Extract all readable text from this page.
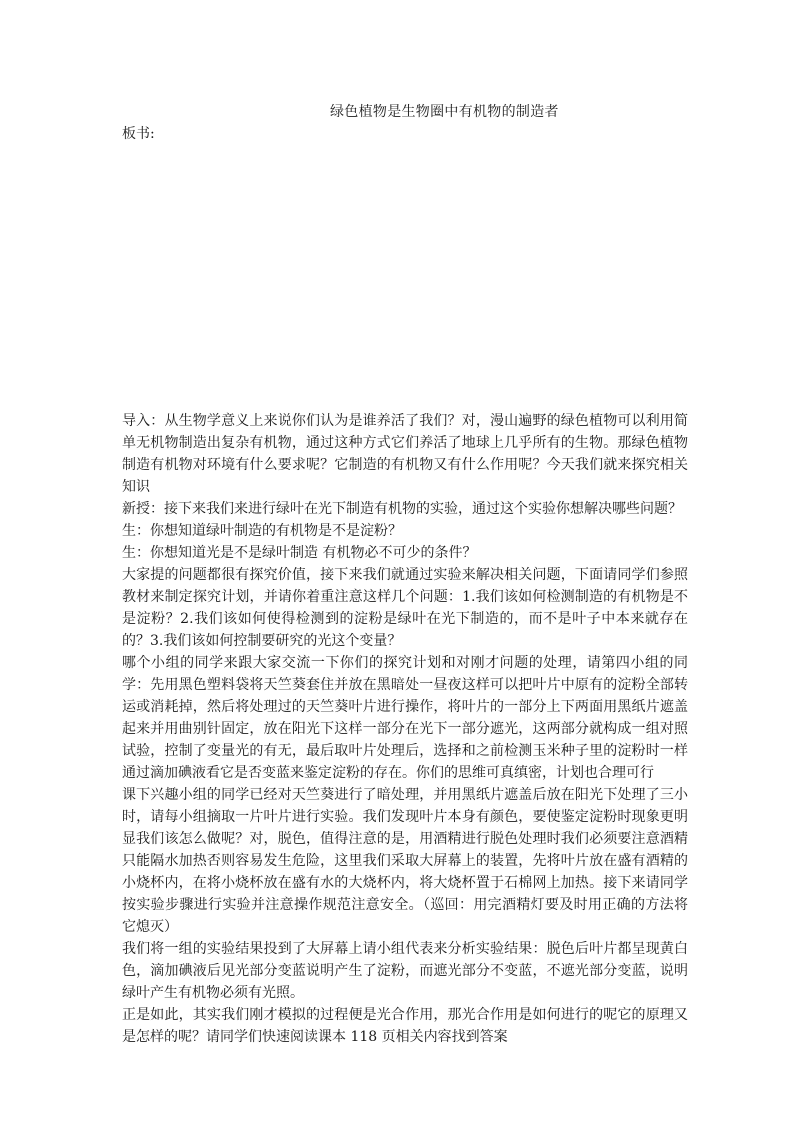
绿色植物是生物圈中有机物的制造者
板书:

导入：从生物学意义上来说你们认为是谁养活了我们？对，漫山遍野的绿色植物可以利用简单无机物制造出复杂有机物，通过这种方式它们养活了地球上几乎所有的生物。那绿色植物制造有机物对环境有什么要求呢？它制造的有机物又有什么作用呢？今天我们就来探究相关知识

新授：接下来我们来进行绿叶在光下制造有机物的实验，通过这个实验你想解决哪些问题？

生：你想知道绿叶制造的有机物是不是淀粉？

生：你想知道光是不是绿叶制造 有机物必不可少的条件？

大家提的问题都很有探究价值，接下来我们就通过实验来解决相关问题，下面请同学们参照教材来制定探究计划，并请你着重注意这样几个问题：1.我们该如何检测制造的有机物是不是淀粉？2.我们该如何使得检测到的淀粉是绿叶在光下制造的，而不是叶子中本来就存在的？3.我们该如何控制要研究的光这个变量？

哪个小组的同学来跟大家交流一下你们的探究计划和对刚才问题的处理，请第四小组的同学：先用黑色塑料袋将天竺葵套住并放在黑暗处一昼夜这样可以把叶片中原有的淀粉全部转运或消耗掉，然后将处理过的天竺葵叶片进行操作，将叶片的一部分上下两面用黑纸片遮盖起来并用曲别针固定，放在阳光下这样一部分在光下一部分遮光，这两部分就构成一组对照试验，控制了变量光的有无，最后取叶片处理后，选择和之前检测玉米种子里的淀粉时一样通过滴加碘液看它是否变蓝来鉴定淀粉的存在。你们的思维可真缜密，计划也合理可行

课下兴趣小组的同学已经对天竺葵进行了暗处理，并用黑纸片遮盖后放在阳光下处理了三小时，请每小组摘取一片叶片进行实验。我们发现叶片本身有颜色，要使鉴定淀粉时现象更明显我们该怎么做呢？对，脱色，值得注意的是，用酒精进行脱色处理时我们必须要注意酒精只能隔水加热否则容易发生危险，这里我们采取大屏幕上的装置，先将叶片放在盛有酒精的小烧杯内，在将小烧杯放在盛有水的大烧杯内，将大烧杯置于石棉网上加热。接下来请同学按实验步骤进行实验并注意操作规范注意安全。（巡回：用完酒精灯要及时用正确的方法将它熄灭）

我们将一组的实验结果投到了大屏幕上请小组代表来分析实验结果：脱色后叶片都呈现黄白色，滴加碘液后见光部分变蓝说明产生了淀粉，而遮光部分不变蓝，不遮光部分变蓝，说明绿叶产生有机物必须有光照。

正是如此，其实我们刚才模拟的过程便是光合作用，那光合作用是如何进行的呢它的原理又是怎样的呢？请同学们快速阅读课本 118 页相关内容找到答案
